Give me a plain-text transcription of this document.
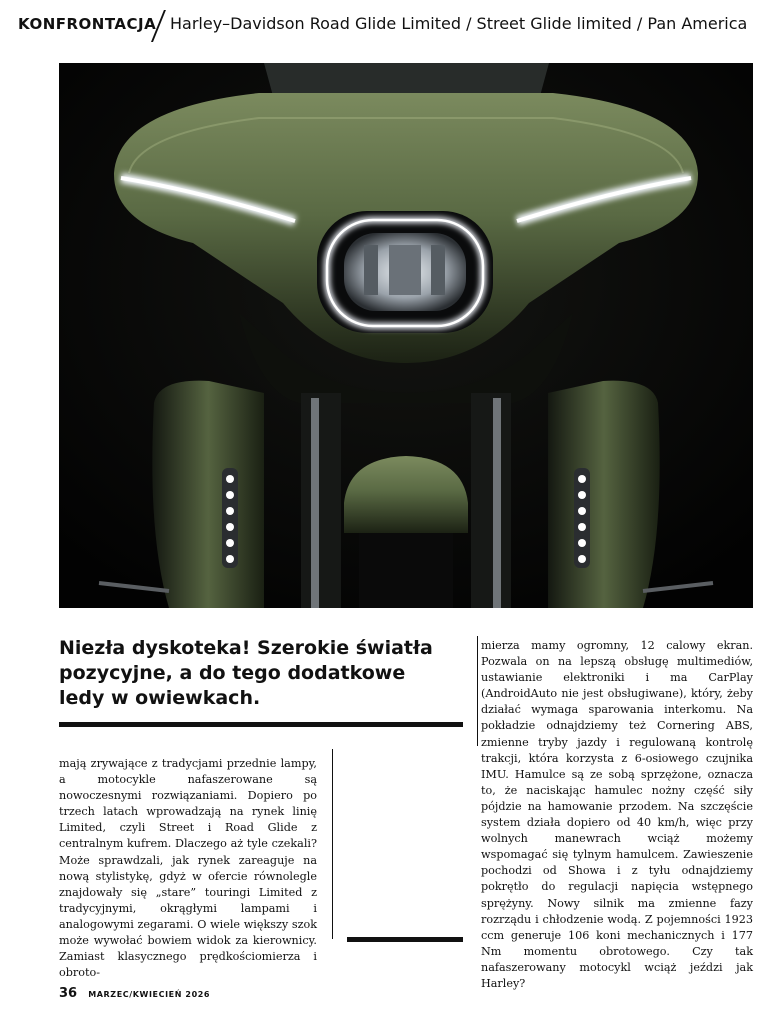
KONFRONTACJA Harley–Davidson Road Glide Limited / Street Glide limited / Pan America
Niezła dyskoteka! Szerokie światła pozycyjne, a do tego dodatkowe ledy w owiewkach.

mają zrywające z tradycjami przednie lampy, a motocykle nafaszerowane są nowoczesnymi rozwiązaniami. Dopiero po trzech latach wprowadzają na rynek linię Limited, czyli Street i Road Glide z centralnym kufrem. Dlaczego aż tyle czekali? Może sprawdzali, jak rynek zareaguje na nową stylistykę, gdyż w ofercie równolegle znajdowały się „stare” touringi Limited z tradycyjnymi, okrągłymi lampami i analogowymi zegarami. O wiele większy szok może wywołać bowiem widok za kierownicy. Zamiast klasycznego prędkościomierza i obroto-

mierza mamy ogromny, 12 calowy ekran. Pozwala on na lepszą obsługę multimediów, ustawianie elektroniki i ma CarPlay (AndroidAuto nie jest obsługiwane), który, żeby działać wymaga sparowania interkomu. Na pokładzie odnajdziemy też Cornering ABS, zmienne tryby jazdy i regulowaną kontrolę trakcji, która korzysta z 6-osiowego czujnika IMU. Hamulce są ze sobą sprzężone, oznacza to, że naciskając hamulec nożny część siły pójdzie na hamowanie przodem. Na szczęście system działa dopiero od 40 km/h, więc przy wolnych manewrach wciąż możemy wspomagać się tylnym hamulcem. Zawieszenie pochodzi od Showa i z tyłu odnajdziemy pokrętło do regulacji napięcia wstępnego sprężyny. Nowy silnik ma zmienne fazy rozrządu i chłodzenie wodą. Z pojemności 1923 ccm generuje 106 koni mechanicznych i 177 Nm momentu obrotowego. Czy tak nafaszerowany motocykl wciąż jeździ jak Harley?

36 MARZEC/KWIECIEŃ 2026
